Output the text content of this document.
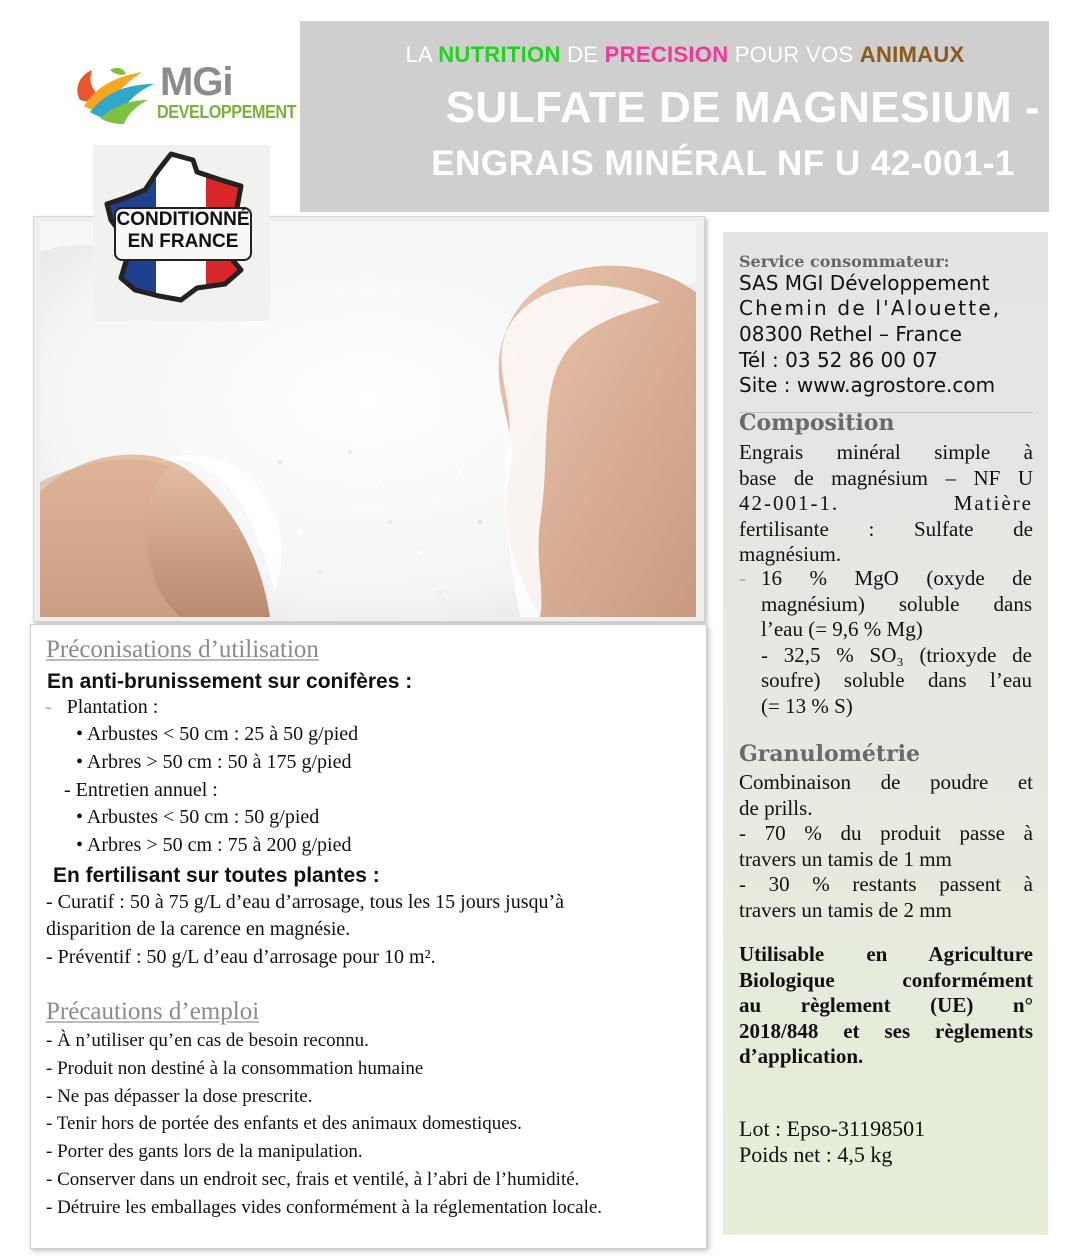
LA NUTRITION DE PRECISION POUR VOS ANIMAUX
SULFATE DE MAGNESIUM -
ENGRAIS MINÉRAL NF U 42-001-1
MGi
DEVELOPPEMENT
CONDITIONNÉ
EN FRANCE
Préconisations d’utilisation
En anti-brunissement sur conifères :
-   Plantation :
• Arbustes < 50 cm : 25 à 50 g/pied
• Arbres > 50 cm : 50 à 175 g/pied
- Entretien annuel :
• Arbustes < 50 cm : 50 g/pied
• Arbres > 50 cm : 75 à 200 g/pied
En fertilisant sur toutes plantes :
- Curatif : 50 à 75 g/L d’eau d’arrosage, tous les 15 jours jusqu’à
disparition de la carence en magnésie.
- Préventif : 50 g/L d’eau d’arrosage pour 10 m².
Précautions d’emploi
- À n’utiliser qu’en cas de besoin reconnu.
- Produit non destiné à la consommation humaine
- Ne pas dépasser la dose prescrite.
- Tenir hors de portée des enfants et des animaux domestiques.
- Porter des gants lors de la manipulation.
- Conserver dans un endroit sec, frais et ventilé, à l’abri de l’humidité.
- Détruire les emballages vides conformément à la réglementation locale.
Service consommateur:
SAS MGI Développement
Chemin de l'Alouette,
08300 Rethel – France
Tél : 03 52 86 00 07
Site : www.agrostore.com
Composition
Engrais minéral simple à
base de magnésium – NF U
42-001-1. Matière
fertilisante : Sulfate de
magnésium.
- 16 % MgO (oxyde de
magnésium) soluble dans
l’eau (= 9,6 % Mg)
- 32,5 % SO₃ (trioxyde de
soufre) soluble dans l’eau
(= 13 % S)
Granulométrie
Combinaison de poudre et
de prills.
- 70 % du produit passe à
travers un tamis de 1 mm
- 30 % restants passent à
travers un tamis de 2 mm
Utilisable en Agriculture
Biologique conformément
au règlement (UE) n°
2018/848 et ses règlements
d’application.
Lot : Epso-31198501
Poids net : 4,5 kg
